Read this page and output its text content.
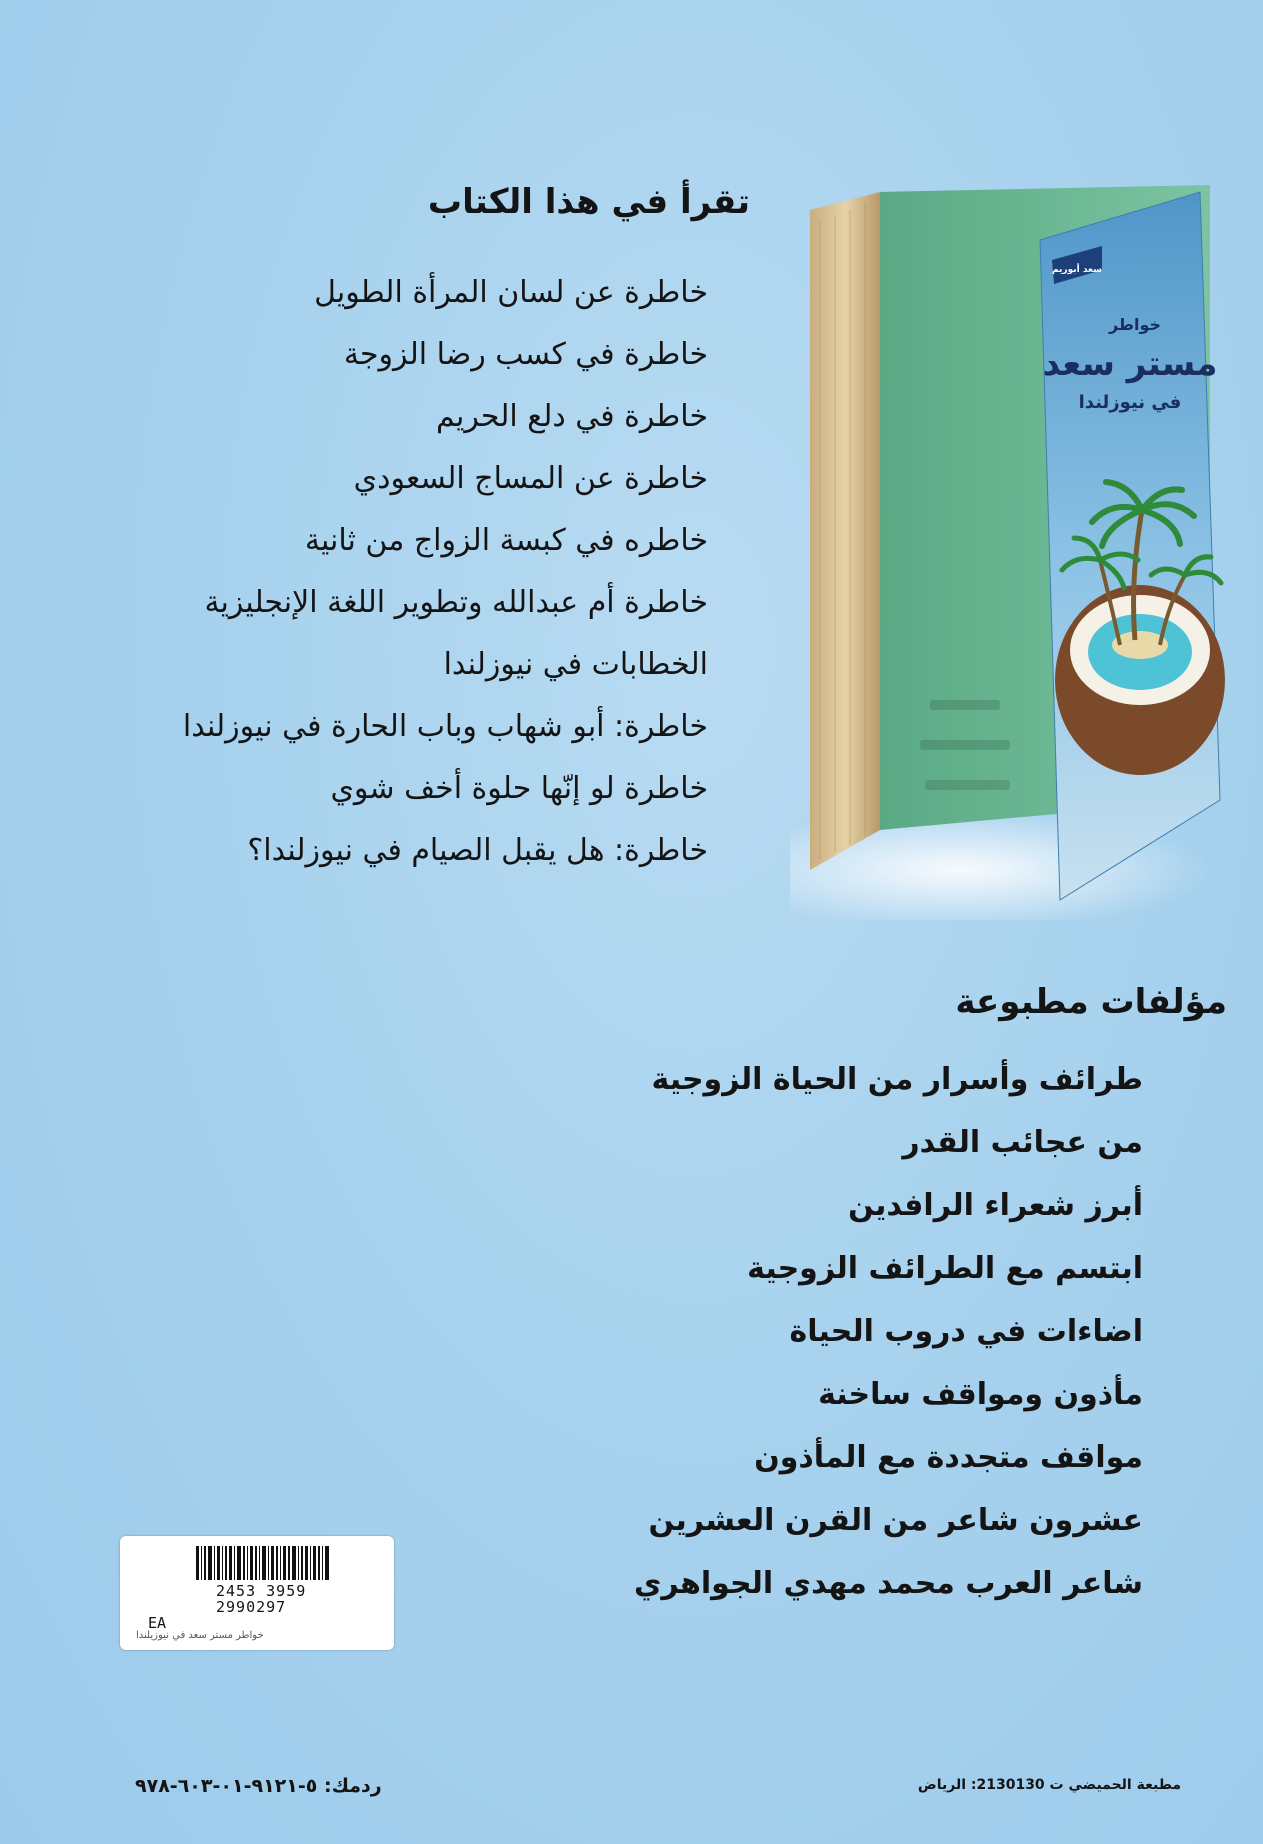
تقرأ في هذا الكتاب
خاطرة عن لسان المرأة الطويل
خاطرة في كسب رضا الزوجة
خاطرة في دلع الحريم
خاطرة عن المساج السعودي
خاطره في كبسة الزواج من ثانية
خاطرة أم عبدالله وتطوير اللغة الإنجليزية
الخطابات في نيوزلندا
خاطرة: أبو شهاب وباب الحارة في نيوزلندا
خاطرة لو إنّها حلوة أخف شوي
خاطرة: هل يقبل الصيام في نيوزلندا؟
سعد أبوريم
خواطر
مستر سعد
في نيوزلندا
مؤلفات مطبوعة
طرائف وأسرار من الحياة الزوجية
من عجائب القدر
أبرز شعراء الرافدين
ابتسم مع الطرائف الزوجية
اضاءات في دروب الحياة
مأذون ومواقف ساخنة
مواقف متجددة مع المأذون
عشرون شاعر من القرن العشرين
شاعر العرب محمد مهدي الجواهري
2453 3959
2990297
EA
خواطر مستر سعد في نيوزيلندا
ردمك: ٥-٩١٢١-٠١-٦٠٣-٩٧٨	مطبعة الحميضي ت 2130130: الرياض
